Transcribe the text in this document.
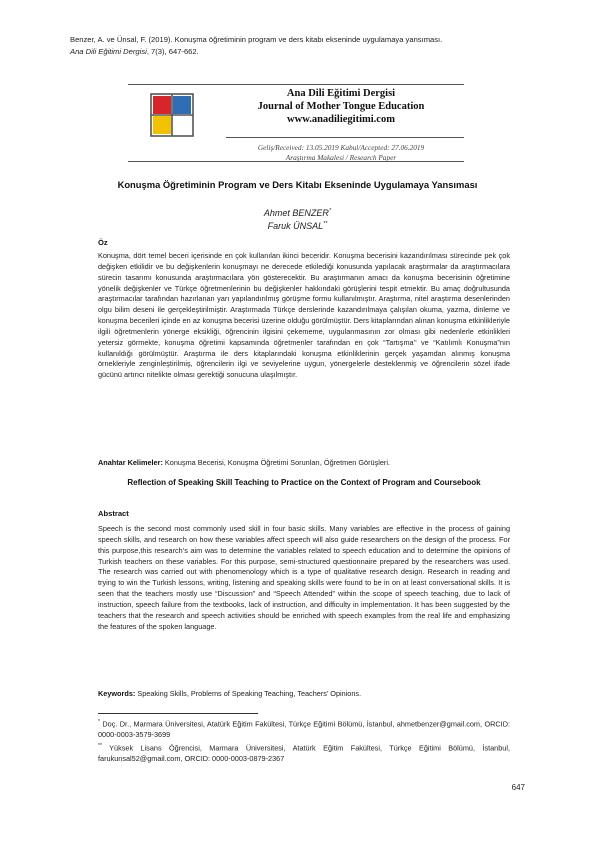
Benzer, A. ve Ünsal, F. (2019). Konuşma öğretiminin program ve ders kitabı ekseninde uygulamaya yansıması.
Ana Dili Eğitimi Dergisi, 7(3), 647-662.
Ana Dili Eğitimi Dergisi
Journal of Mother Tongue Education
www.anadiliegitimi.com
Geliş/Received: 13.05.2019 Kabul/Accepted: 27.06.2019
Araştırma Makalesi / Research Paper
Konuşma Öğretiminin Program ve Ders Kitabı Ekseninde Uygulamaya Yansıması
Ahmet BENZER*
Faruk ÜNSAL**
Öz

Konuşma, dört temel beceri içerisinde en çok kullanılan ikinci beceridir. Konuşma becerisini kazandırılması sürecinde pek çok değişken etkilidir ve bu değişkenlerin konuşmayı ne derecede etkilediği konusunda yapılacak araştırmalar da araştırmacılara sürecin tasarımı konusunda araştırmacılara yön gösterecektir. Bu araştırmanın amacı da konuşma becerisinin öğretimine yönelik değişkenler ve Türkçe öğretmenlerinin bu değişkenler hakkındaki görüşlerini tespit etmektir. Bu amaç doğrultusunda araştırmacılar tarafından hazırlanan yarı yapılandırılmış görüşme formu kullanılmıştır. Araştırma, nitel araştırma desenlerinden olgu bilim deseni ile gerçekleştirilmiştir. Araştırmada Türkçe derslerinde kazandırılmaya çalışılan okuma, yazma, dinleme ve konuşma becerileri içinde en az konuşma becerisi üzerine olduğu görülmüştür. Ders kitaplarından alınan konuşma etkinlikleriyle ilgili öğretmenlerin yönerge eksikliği, öğrencinin ilgisini çekememe, uygulanmasının zor olması gibi nedenlerle etkinlikleri yetersiz görmekte, konuşma öğretimi kapsamında öğretmenler tarafından en çok “Tartışma’’ ve “Katılımlı Konuşma”nın kullanıldığı görülmüştür. Araştırma ile ders kitaplarındaki konuşma etkinliklerinin gerçek yaşamdan alınmış konuşma örnekleriyle zenginleştirilmiş, öğrencilerin ilgi ve seviyelerine uygun, yönergelerle desteklenmiş ve öğrencilerin sözel ifade gücünü artırıcı nitelikte olması gerektiği sonucuna ulaşılmıştır.

Anahtar Kelimeler: Konuşma Becerisi, Konuşma Öğretimi Sorunları, Öğretmen Görüşleri.

Reflection of Speaking Skill Teaching to Practice on the Context of Program and Coursebook
Abstract

Speech is the second most commonly used skill in four basic skills. Many variables are effective in the process of gaining speech skills, and research on how these variables affect speech will also guide researchers on the design of the process. For this purpose,this research’s aim was to determine the variables related to speech education and to determine the opinions of Turkish teachers on these variables. For this purpose, semi-structured questionnaire prepared by the researchers was used. The research was carried out with phenomenology which is a type of qualitative research design. Research in reading and trying to win the Turkish lessons, writing, listening and speaking skills were found to be in on at least conversational skills. It is seen that the teachers mostly use “Discussion” and “Speech Attended” within the scope of speech teaching, due to lack of instruction, speech failure from the textbooks, lack of instruction, and difficulty in implementation. It has been suggested by the teachers that the research and speech activities should be enriched with speech examples from the real life and emphasizing the features of the spoken language.

Keywords: Speaking Skills, Problems of Speaking Teaching, Teachers’ Opinions.

* Doç. Dr., Marmara Üniversitesi, Atatürk Eğitim Fakültesi, Türkçe Eğitimi Bölümü, İstanbul, ahmetbenzer@gmail.com, ORCID: 0000-0003-3579-3699
** Yüksek Lisans Öğrencisi, Marmara Üniversitesi, Atatürk Eğitim Fakültesi, Türkçe Eğitimi Bölümü, İstanbul, farukunsal52@gmail.com, ORCID: 0000-0003-0879-2367
647
